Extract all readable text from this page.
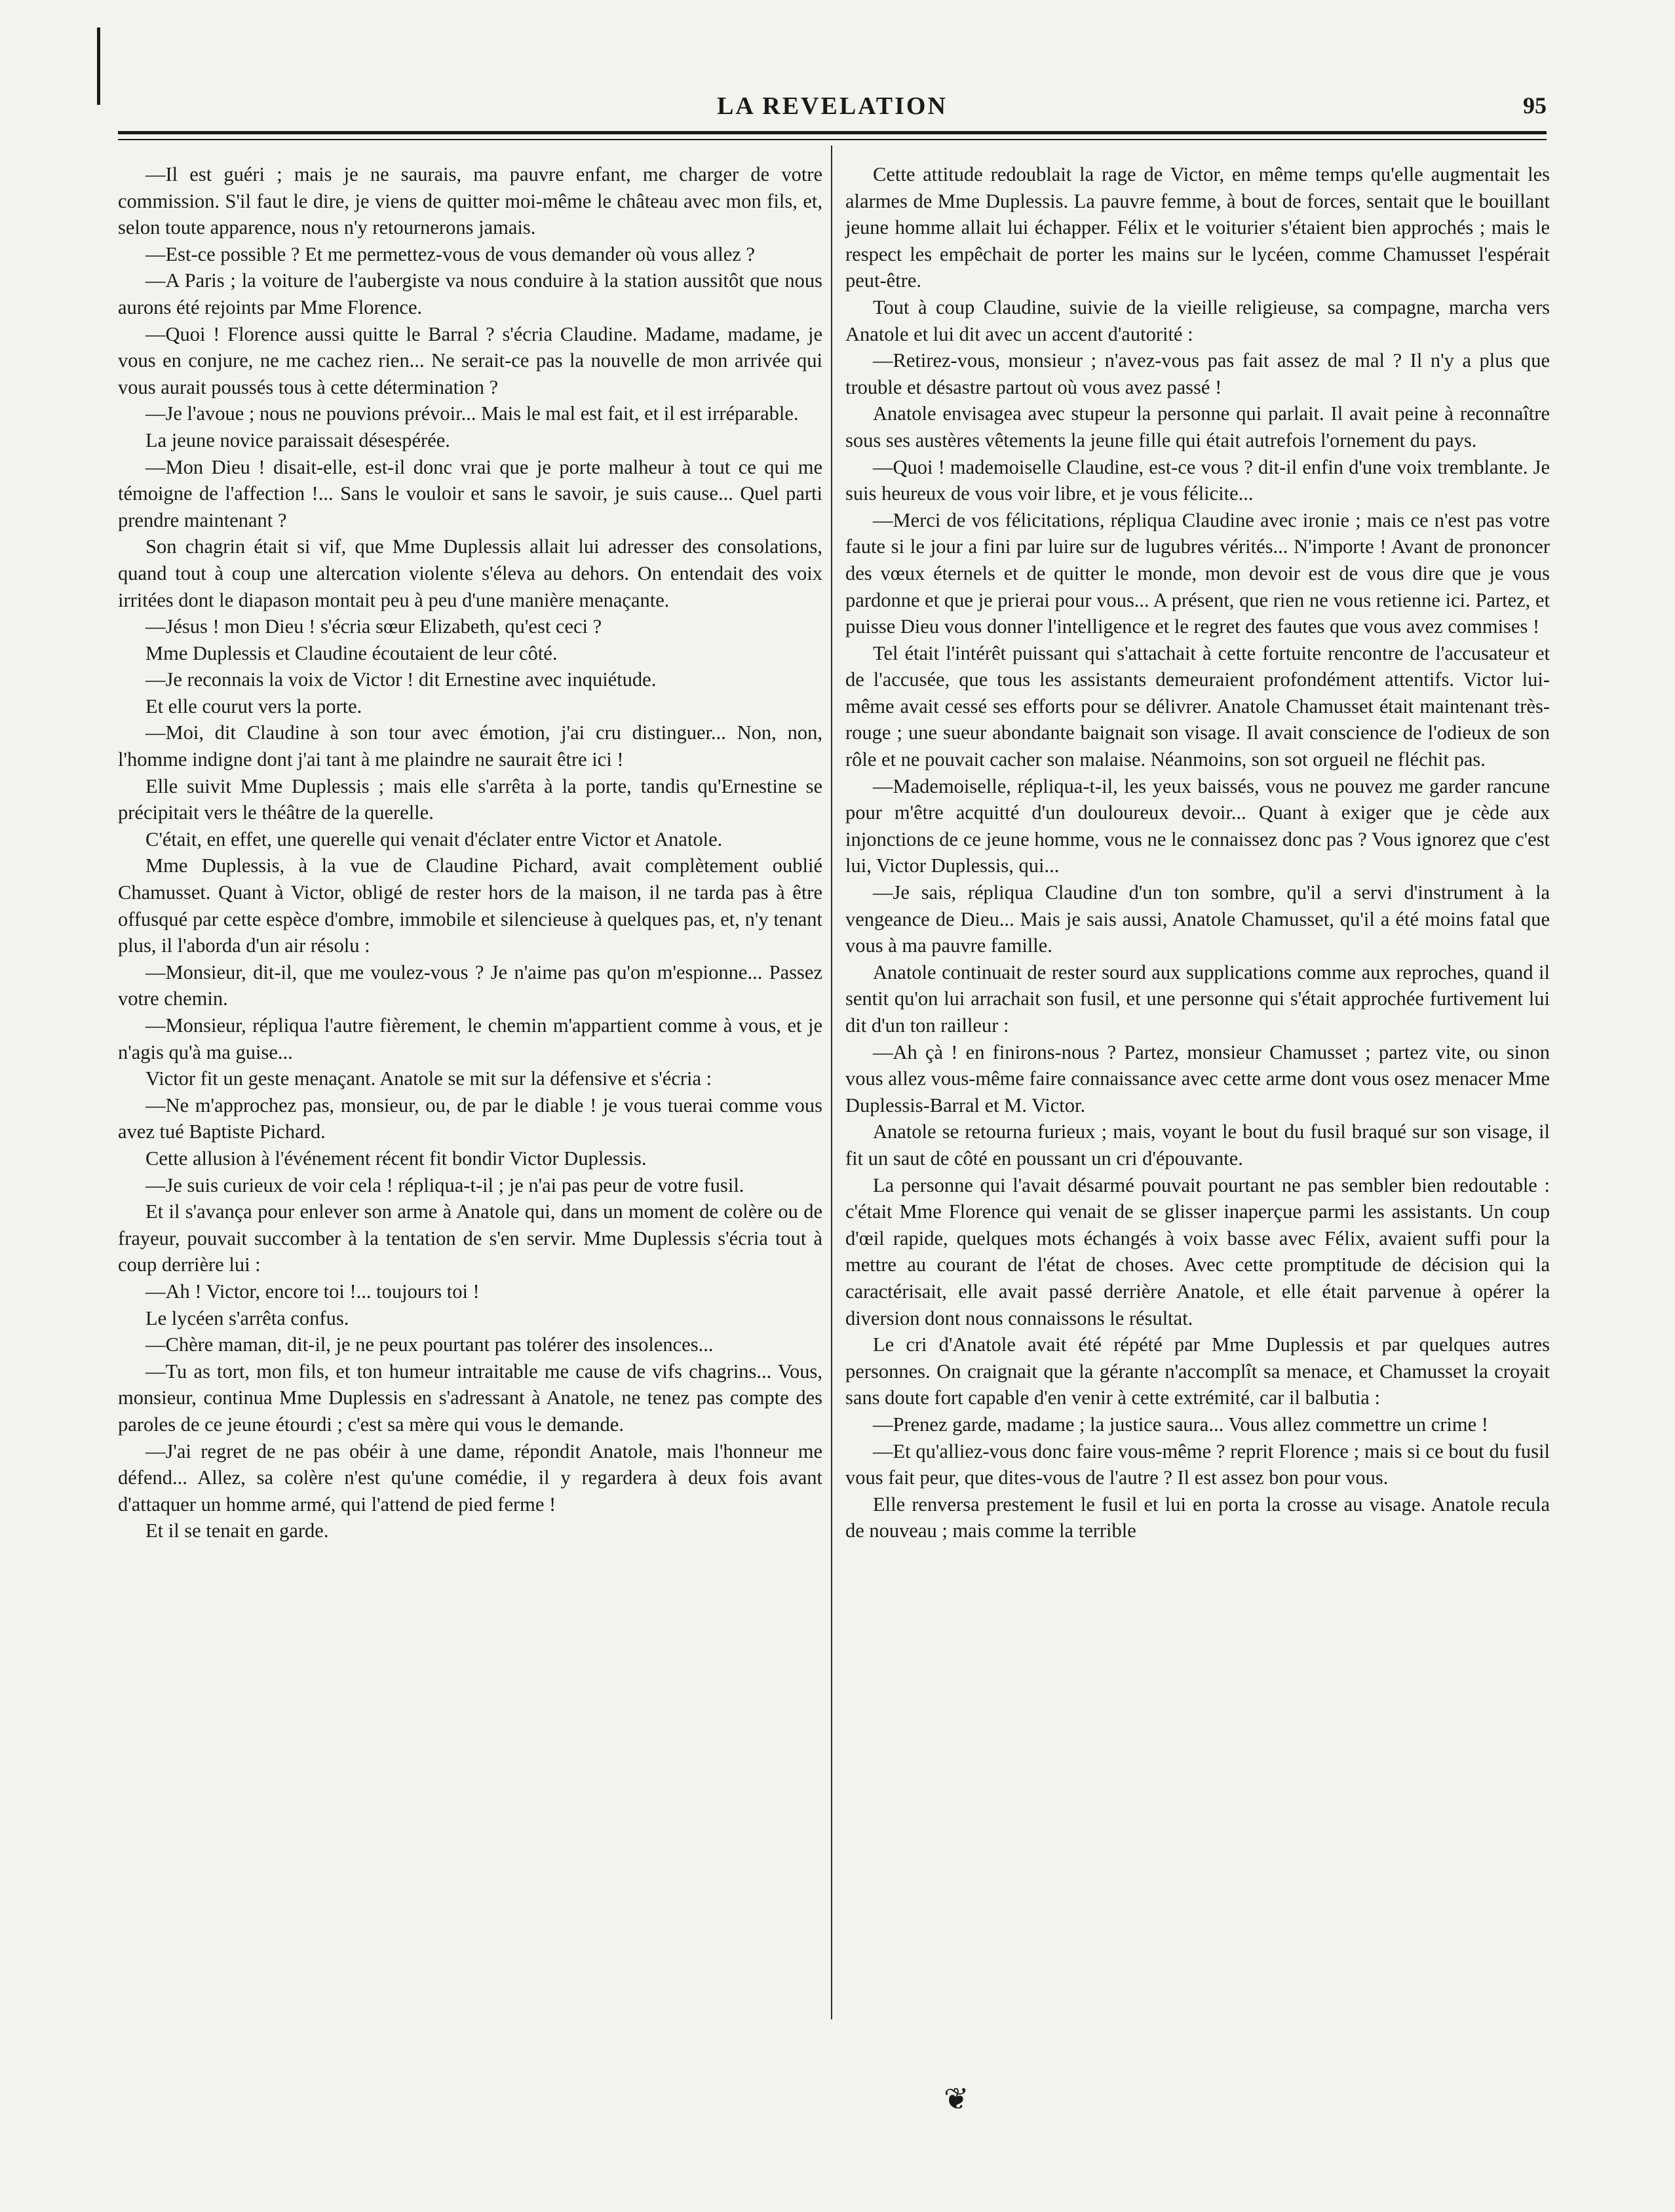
LA REVELATION	95

—Il est guéri ; mais je ne saurais, ma pauvre enfant, me charger de votre commission. S'il faut le dire, je viens de quitter moi-même le château avec mon fils, et, selon toute apparence, nous n'y retournerons jamais.

—Est-ce possible ? Et me permettez-vous de vous demander où vous allez ?

—A Paris ; la voiture de l'aubergiste va nous conduire à la station aussitôt que nous aurons été rejoints par Mme Florence.

—Quoi ! Florence aussi quitte le Barral ? s'écria Claudine. Madame, madame, je vous en conjure, ne me cachez rien... Ne serait-ce pas la nouvelle de mon arrivée qui vous aurait poussés tous à cette détermination ?

—Je l'avoue ; nous ne pouvions prévoir... Mais le mal est fait, et il est irréparable.

La jeune novice paraissait désespérée.

—Mon Dieu ! disait-elle, est-il donc vrai que je porte malheur à tout ce qui me témoigne de l'affection !... Sans le vouloir et sans le savoir, je suis cause... Quel parti prendre maintenant ?

Son chagrin était si vif, que Mme Duplessis allait lui adresser des consolations, quand tout à coup une altercation violente s'éleva au dehors. On entendait des voix irritées dont le diapason montait peu à peu d'une manière menaçante.

—Jésus ! mon Dieu ! s'écria sœur Elizabeth, qu'est ceci ?

Mme Duplessis et Claudine écoutaient de leur côté.

—Je reconnais la voix de Victor ! dit Ernestine avec inquiétude.

Et elle courut vers la porte.

—Moi, dit Claudine à son tour avec émotion, j'ai cru distinguer... Non, non, l'homme indigne dont j'ai tant à me plaindre ne saurait être ici !

Elle suivit Mme Duplessis ; mais elle s'arrêta à la porte, tandis qu'Ernestine se précipitait vers le théâtre de la querelle.

C'était, en effet, une querelle qui venait d'éclater entre Victor et Anatole.

Mme Duplessis, à la vue de Claudine Pichard, avait complètement oublié Chamusset. Quant à Victor, obligé de rester hors de la maison, il ne tarda pas à être offusqué par cette espèce d'ombre, immobile et silencieuse à quelques pas, et, n'y tenant plus, il l'aborda d'un air résolu :

—Monsieur, dit-il, que me voulez-vous ? Je n'aime pas qu'on m'espionne... Passez votre chemin.

—Monsieur, répliqua l'autre fièrement, le chemin m'appartient comme à vous, et je n'agis qu'à ma guise...

Victor fit un geste menaçant. Anatole se mit sur la défensive et s'écria :

—Ne m'approchez pas, monsieur, ou, de par le diable ! je vous tuerai comme vous avez tué Baptiste Pichard.

Cette allusion à l'événement récent fit bondir Victor Duplessis.

—Je suis curieux de voir cela ! répliqua-t-il ; je n'ai pas peur de votre fusil.

Et il s'avança pour enlever son arme à Anatole qui, dans un moment de colère ou de frayeur, pouvait succomber à la tentation de s'en servir. Mme Duplessis s'écria tout à coup derrière lui :

—Ah ! Victor, encore toi !... toujours toi !

Le lycéen s'arrêta confus.

—Chère maman, dit-il, je ne peux pourtant pas tolérer des insolences...

—Tu as tort, mon fils, et ton humeur intraitable me cause de vifs chagrins... Vous, monsieur, continua Mme Duplessis en s'adressant à Anatole, ne tenez pas compte des paroles de ce jeune étourdi ; c'est sa mère qui vous le demande.

—J'ai regret de ne pas obéir à une dame, répondit Anatole, mais l'honneur me défend... Allez, sa colère n'est qu'une comédie, il y regardera à deux fois avant d'attaquer un homme armé, qui l'attend de pied ferme !

Et il se tenait en garde.

Cette attitude redoublait la rage de Victor, en même temps qu'elle augmentait les alarmes de Mme Duplessis. La pauvre femme, à bout de forces, sentait que le bouillant jeune homme allait lui échapper. Félix et le voiturier s'étaient bien approchés ; mais le respect les empêchait de porter les mains sur le lycéen, comme Chamusset l'espérait peut-être.

Tout à coup Claudine, suivie de la vieille religieuse, sa compagne, marcha vers Anatole et lui dit avec un accent d'autorité :

—Retirez-vous, monsieur ; n'avez-vous pas fait assez de mal ? Il n'y a plus que trouble et désastre partout où vous avez passé !

Anatole envisagea avec stupeur la personne qui parlait. Il avait peine à reconnaître sous ses austères vêtements la jeune fille qui était autrefois l'ornement du pays.

—Quoi ! mademoiselle Claudine, est-ce vous ? dit-il enfin d'une voix tremblante. Je suis heureux de vous voir libre, et je vous félicite...

—Merci de vos félicitations, répliqua Claudine avec ironie ; mais ce n'est pas votre faute si le jour a fini par luire sur de lugubres vérités... N'importe ! Avant de prononcer des vœux éternels et de quitter le monde, mon devoir est de vous dire que je vous pardonne et que je prierai pour vous... A présent, que rien ne vous retienne ici. Partez, et puisse Dieu vous donner l'intelligence et le regret des fautes que vous avez commises !

Tel était l'intérêt puissant qui s'attachait à cette fortuite rencontre de l'accusateur et de l'accusée, que tous les assistants demeuraient profondément attentifs. Victor lui-même avait cessé ses efforts pour se délivrer. Anatole Chamusset était maintenant très-rouge ; une sueur abondante baignait son visage. Il avait conscience de l'odieux de son rôle et ne pouvait cacher son malaise. Néanmoins, son sot orgueil ne fléchit pas.

—Mademoiselle, répliqua-t-il, les yeux baissés, vous ne pouvez me garder rancune pour m'être acquitté d'un douloureux devoir... Quant à exiger que je cède aux injonctions de ce jeune homme, vous ne le connaissez donc pas ? Vous ignorez que c'est lui, Victor Duplessis, qui...

—Je sais, répliqua Claudine d'un ton sombre, qu'il a servi d'instrument à la vengeance de Dieu... Mais je sais aussi, Anatole Chamusset, qu'il a été moins fatal que vous à ma pauvre famille.

Anatole continuait de rester sourd aux supplications comme aux reproches, quand il sentit qu'on lui arrachait son fusil, et une personne qui s'était approchée furtivement lui dit d'un ton railleur :

—Ah çà ! en finirons-nous ? Partez, monsieur Chamusset ; partez vite, ou sinon vous allez vous-même faire connaissance avec cette arme dont vous osez menacer Mme Duplessis-Barral et M. Victor.

Anatole se retourna furieux ; mais, voyant le bout du fusil braqué sur son visage, il fit un saut de côté en poussant un cri d'épouvante.

La personne qui l'avait désarmé pouvait pourtant ne pas sembler bien redoutable : c'était Mme Florence qui venait de se glisser inaperçue parmi les assistants. Un coup d'œil rapide, quelques mots échangés à voix basse avec Félix, avaient suffi pour la mettre au courant de l'état de choses. Avec cette promptitude de décision qui la caractérisait, elle avait passé derrière Anatole, et elle était parvenue à opérer la diversion dont nous connaissons le résultat.

Le cri d'Anatole avait été répété par Mme Duplessis et par quelques autres personnes. On craignait que la gérante n'accomplît sa menace, et Chamusset la croyait sans doute fort capable d'en venir à cette extrémité, car il balbutia :

—Prenez garde, madame ; la justice saura... Vous allez commettre un crime !

—Et qu'alliez-vous donc faire vous-même ? reprit Florence ; mais si ce bout du fusil vous fait peur, que dites-vous de l'autre ? Il est assez bon pour vous.

Elle renversa prestement le fusil et lui en porta la crosse au visage. Anatole recula de nouveau ; mais comme la terrible

❦
